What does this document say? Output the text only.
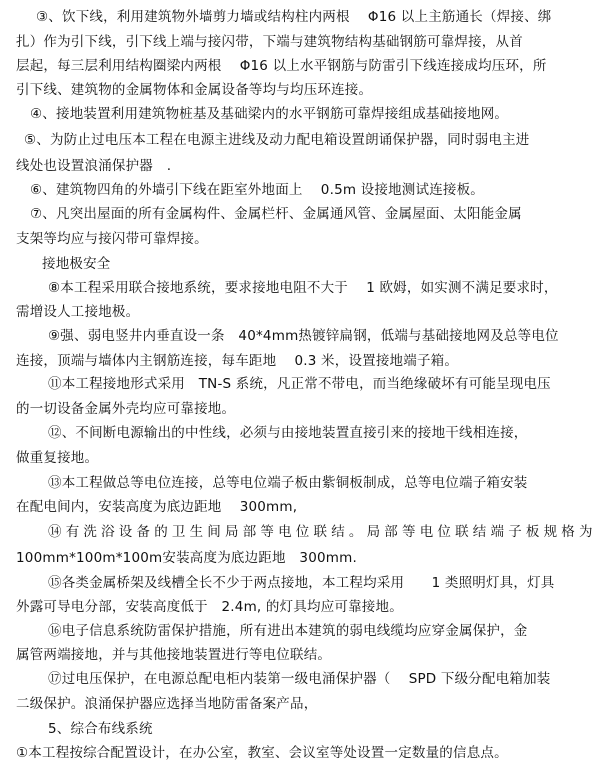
③、饮下线，利用建筑物外墙剪力墙或结构柱内两根　 Φ16 以上主筋通长（焊接、绑
扎）作为引下线，引下线上端与接闪带，下端与建筑物结构基础钢筋可靠焊接，从首
层起，每三层利用结构圈梁内两根　 Φ16 以上水平钢筋与防雷引下线连接成均压环，所
引下线、建筑物的金属物体和金属设备等均与均压环连接。
④、接地装置利用建筑物桩基及基础梁内的水平钢筋可靠焊接组成基础接地网。
⑤、为防止过电压本工程在电源主进线及动力配电箱设置朗诵保护器，同时弱电主进
线处也设置浪涌保护器　.
⑥、建筑物四角的外墙引下线在距室外地面上　 0.5m 设接地测试连接板。
⑦、凡突出屋面的所有金属构件、金属栏杆、金属通风管、金属屋面、太阳能金属
支架等均应与接闪带可靠焊接。
接地极安全
⑧本工程采用联合接地系统，要求接地电阻不大于　 1 欧姆，如实测不满足要求时，
需增设人工接地极。
⑨强、弱电竖井内垂直设一条　40*4mm热镀锌扁钢，低端与基础接地网及总等电位
连接，顶端与墙体内主钢筋连接，每车距地　 0.3 米，设置接地端子箱。
⑪本工程接地形式采用　TN-S 系统，凡正常不带电，而当绝缘破坏有可能呈现电压
的一切设备金属外壳均应可靠接地。
⑫、不间断电源输出的中性线，必须与由接地装置直接引来的接地干线相连接，
做重复接地。
⑬本工程做总等电位连接，总等电位端子板由紫铜板制成，总等电位端子箱安装
在配电间内，安装高度为底边距地　 300mm,
⑭有洗浴设备的卫生间局部等电位联结。局部等电位联结端子板规格为
100mm*100m*100m安装高度为底边距地　300mm.
⑮各类金属桥架及线槽全长不少于两点接地，本工程均采用　　1 类照明灯具，灯具
外露可导电分部，安装高度低于　2.4m, 的灯具均应可靠接地。
⑯电子信息系统防雷保护措施，所有进出本建筑的弱电线缆均应穿金属保护，金
属管两端接地，并与其他接地装置进行等电位联结。
⑰过电压保护，在电源总配电柜内装第一级电涌保护器（　 SPD 下级分配电箱加装
二级保护。浪涌保护器应选择当地防雷备案产品，
5、综合布线系统
①本工程按综合配置设计，在办公室，教室、会议室等处设置一定数量的信息点。
